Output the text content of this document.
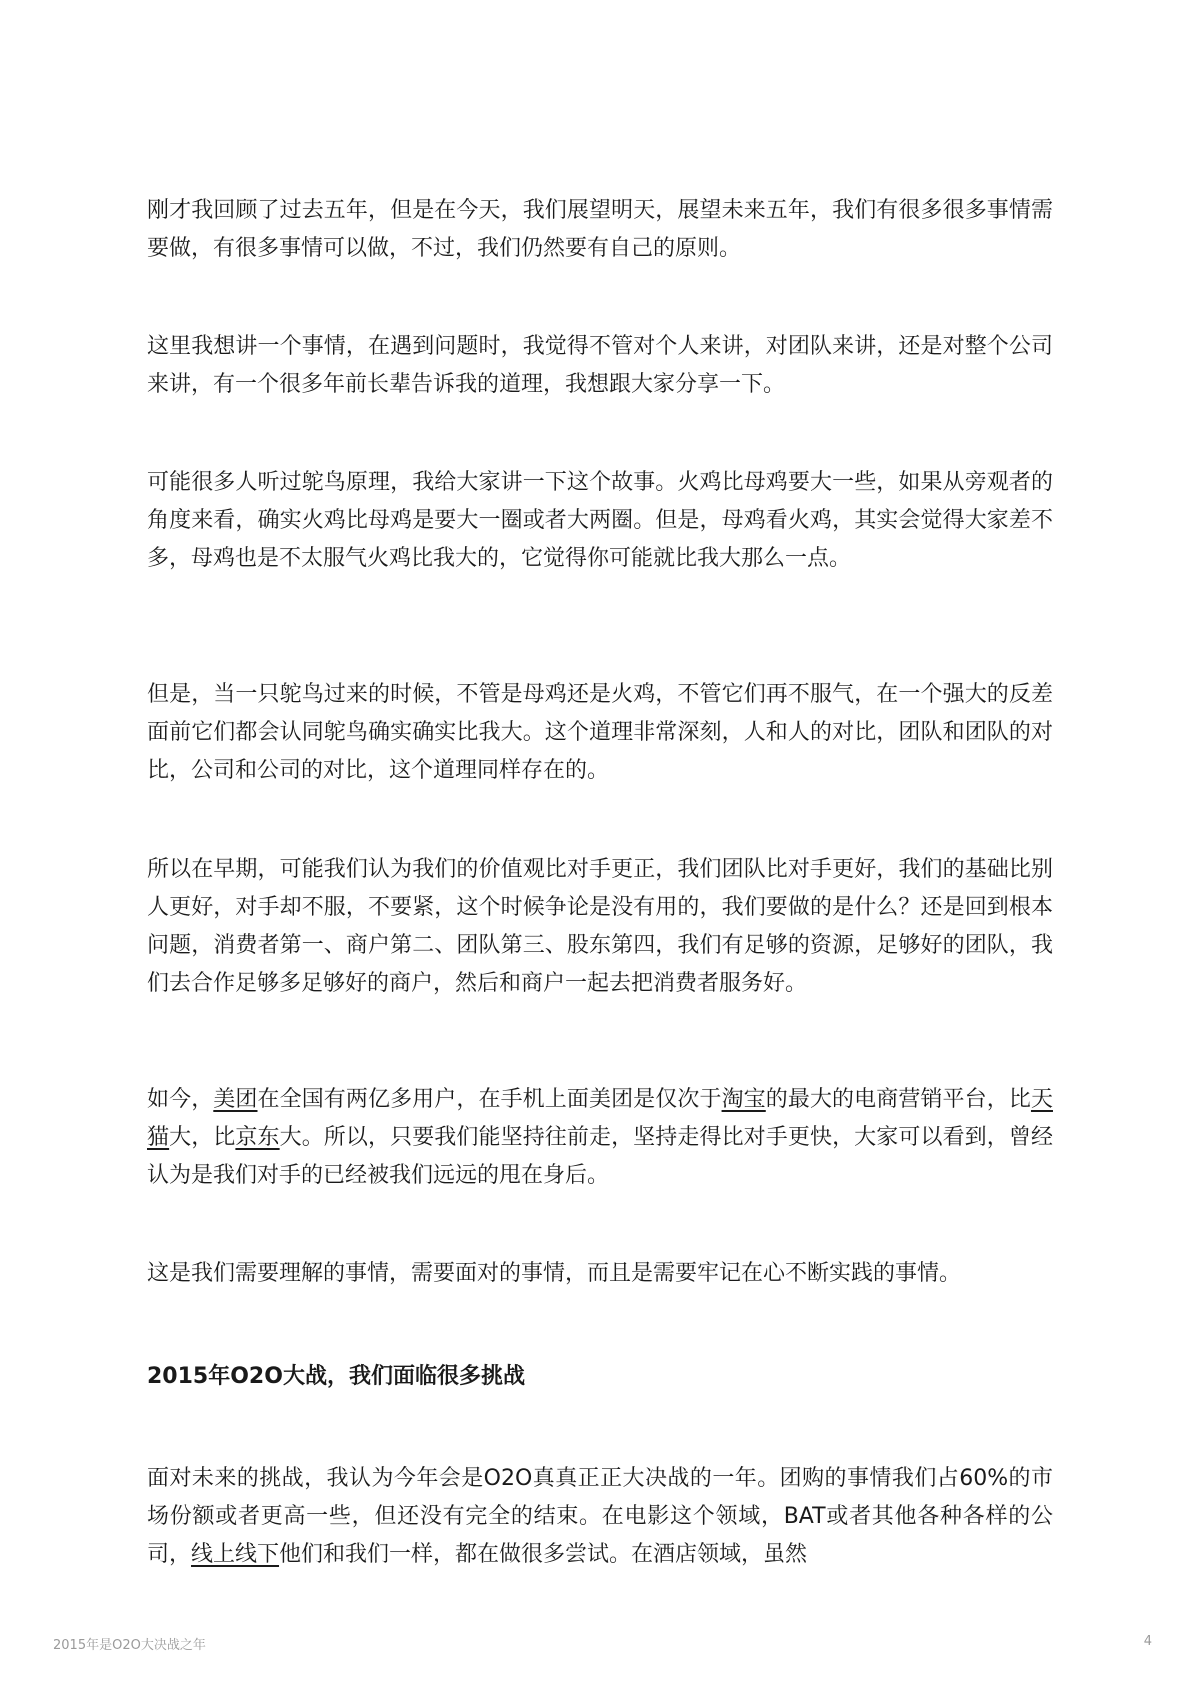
刚才我回顾了过去五年，但是在今天，我们展望明天，展望未来五年，我们有很多很多事情需要做，有很多事情可以做，不过，我们仍然要有自己的原则。

这里我想讲一个事情，在遇到问题时，我觉得不管对个人来讲，对团队来讲，还是对整个公司来讲，有一个很多年前长辈告诉我的道理，我想跟大家分享一下。

可能很多人听过鸵鸟原理，我给大家讲一下这个故事。火鸡比母鸡要大一些，如果从旁观者的角度来看，确实火鸡比母鸡是要大一圈或者大两圈。但是，母鸡看火鸡，其实会觉得大家差不多，母鸡也是不太服气火鸡比我大的，它觉得你可能就比我大那么一点。

但是，当一只鸵鸟过来的时候，不管是母鸡还是火鸡，不管它们再不服气，在一个强大的反差面前它们都会认同鸵鸟确实确实比我大。这个道理非常深刻，人和人的对比，团队和团队的对比，公司和公司的对比，这个道理同样存在的。

所以在早期，可能我们认为我们的价值观比对手更正，我们团队比对手更好，我们的基础比别人更好，对手却不服，不要紧，这个时候争论是没有用的，我们要做的是什么？还是回到根本问题，消费者第一、商户第二、团队第三、股东第四，我们有足够的资源，足够好的团队，我们去合作足够多足够好的商户，然后和商户一起去把消费者服务好。

如今，美团在全国有两亿多用户，在手机上面美团是仅次于淘宝的最大的电商营销平台，比天猫大，比京东大。所以，只要我们能坚持往前走，坚持走得比对手更快，大家可以看到，曾经认为是我们对手的已经被我们远远的甩在身后。

这是我们需要理解的事情，需要面对的事情，而且是需要牢记在心不断实践的事情。

2015年O2O大战，我们面临很多挑战

面对未来的挑战，我认为今年会是O2O真真正正大决战的一年。团购的事情我们占60%的市场份额或者更高一些，但还没有完全的结束。在电影这个领域，BAT或者其他各种各样的公司，线上线下他们和我们一样，都在做很多尝试。在酒店领域，虽然

2015年是O2O大决战之年	4
